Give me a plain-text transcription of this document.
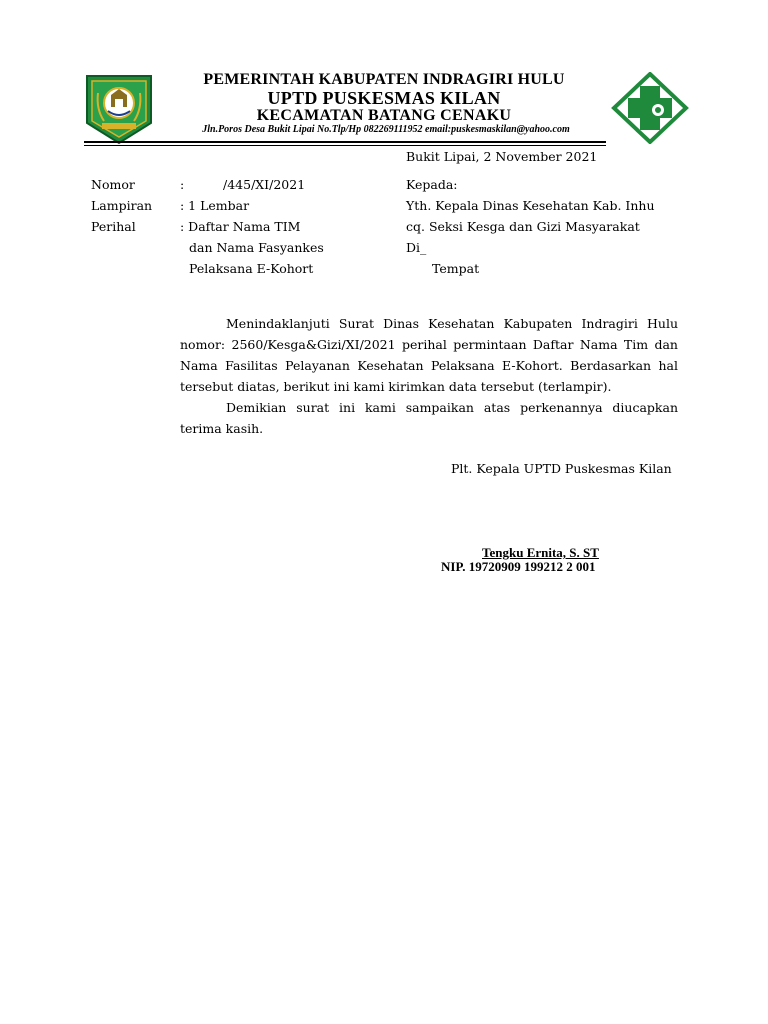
PEMERINTAH KABUPATEN INDRAGIRI HULU
UPTD PUSKESMAS KILAN
KECAMATAN BATANG CENAKU
Jln.Poros Desa Bukit Lipai No.Tlp/Hp 082269111952 email:puskesmaskilan@yahoo.com
Bukit Lipai, 2 November 2021
Nomor	:	/445/XI/2021
Lampiran : 1 Lembar
Perihal	: Daftar Nama TIM
dan Nama Fasyankes
Pelaksana E-Kohort
Kepada:
Yth. Kepala Dinas Kesehatan Kab. Inhu
cq. Seksi Kesga dan Gizi Masyarakat
Di_
Tempat

Menindaklanjuti Surat Dinas Kesehatan Kabupaten Indragiri Hulu nomor: 2560/Kesga&Gizi/XI/2021 perihal permintaan Daftar Nama Tim dan Nama Fasilitas Pelayanan Kesehatan Pelaksana E-Kohort. Berdasarkan hal tersebut diatas, berikut ini kami kirimkan data tersebut (terlampir).

Demikian surat ini kami sampaikan atas perkenannya diucapkan terima kasih.

Plt. Kepala UPTD Puskesmas Kilan
Tengku Ernita, S. ST
NIP. 19720909 199212 2 001
